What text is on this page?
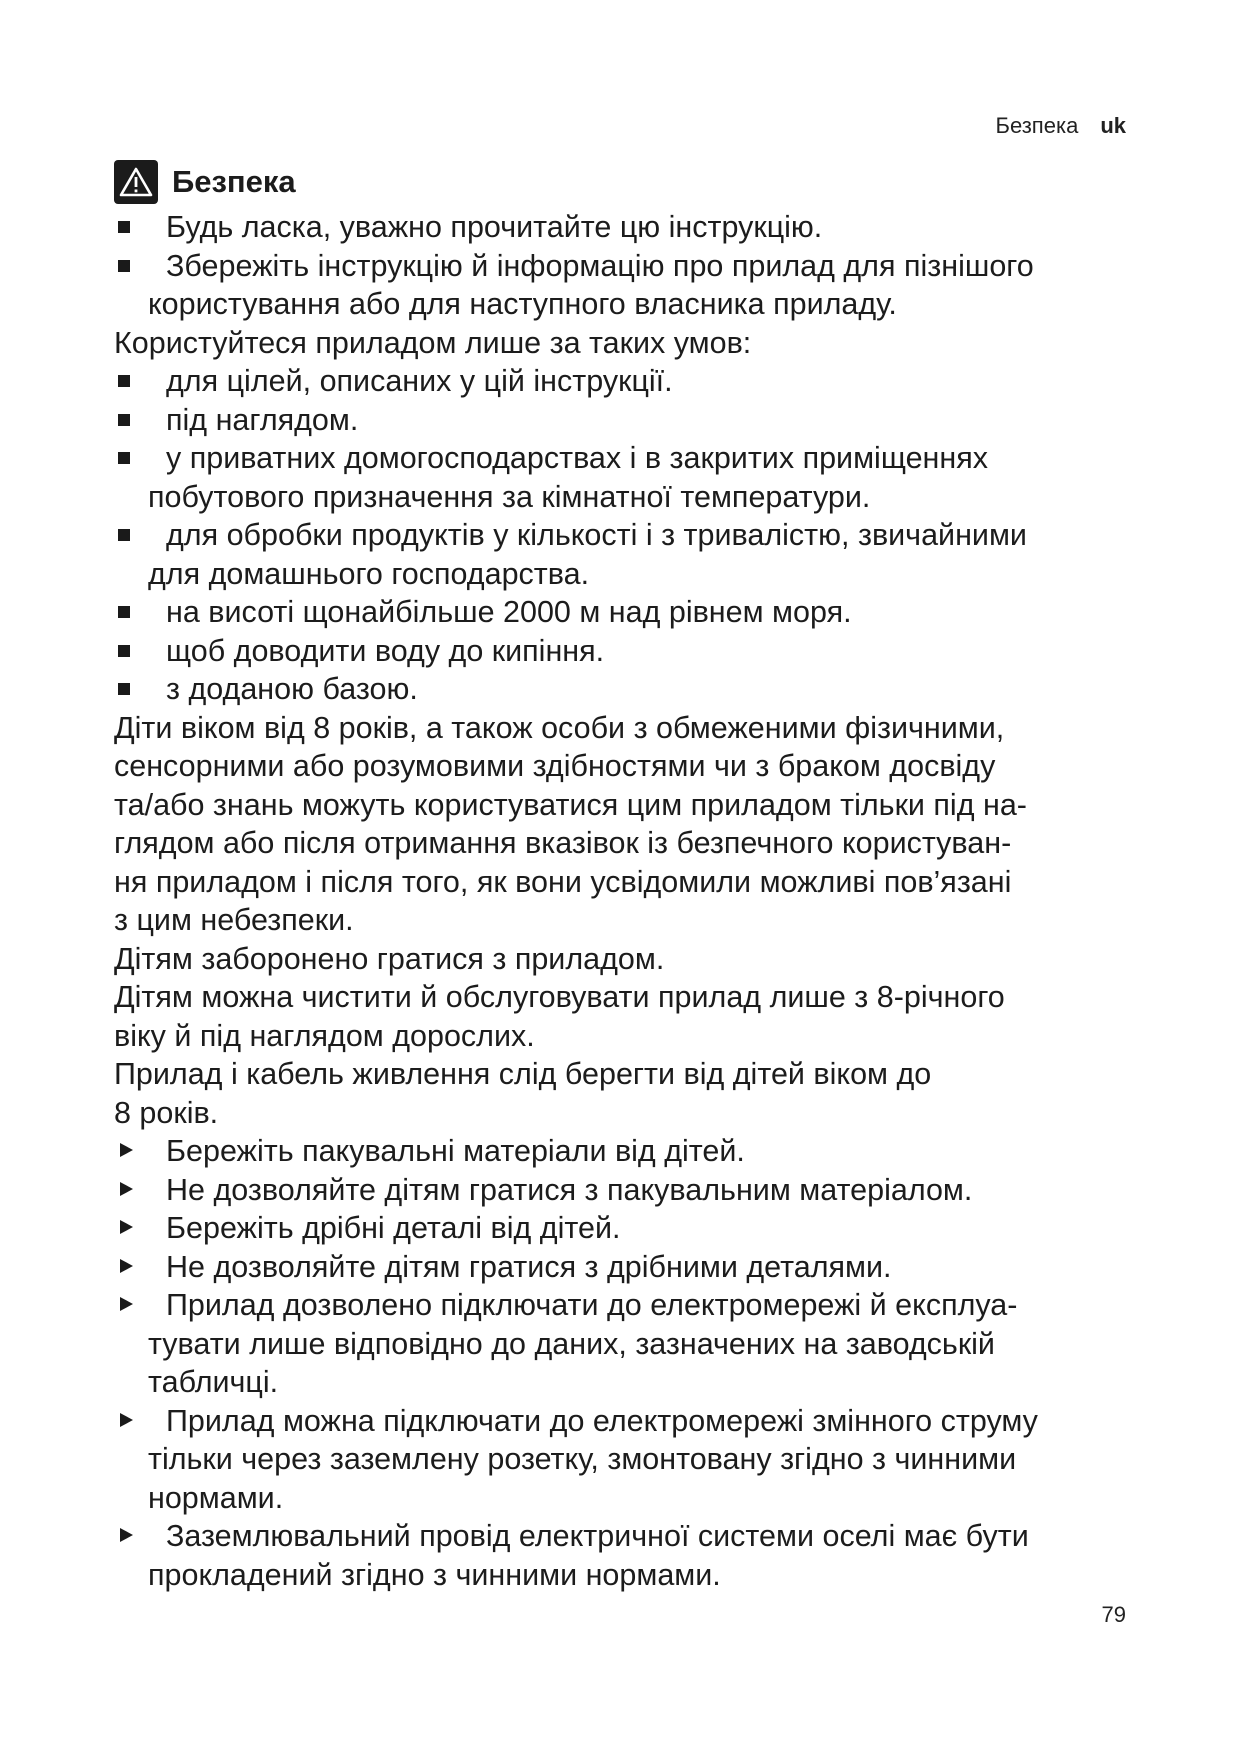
Безпека uk
Безпека
Будь ласка, уважно прочитайте цю інструкцію.
Збережіть інструкцію й інформацію про прилад для пізнішого
користування або для наступного власника приладу.

Користуйтеся приладом лише за таких умов:

для цілей, описаних у цій інструкції.
під наглядом.
у приватних домогосподарствах і в закритих приміщеннях
побутового призначення за кімнатної температури.
для обробки продуктів у кількості і з тривалістю, звичайними
для домашнього господарства.
на висоті щонайбільше 2000 м над рівнем моря.
щоб доводити воду до кипіння.
з доданою базою.
Діти віком від 8 років, а також особи з обмеженими фізичними,
сенсорними або розумовими здібностями чи з браком досвіду
та/або знань можуть користуватися цим приладом тільки під на-
глядом або після отримання вказівок із безпечного користуван-
ня приладом і після того, як вони усвідомили можливі пов’язані
з цим небезпеки.

Дітям заборонено гратися з приладом.

Дітям можна чистити й обслуговувати прилад лише з 8-річного
віку й під наглядом дорослих.
Прилад і кабель живлення слід берегти від дітей віком до
8 років.
Бережіть пакувальні матеріали від дітей.
Не дозволяйте дітям гратися з пакувальним матеріалом.
Бережіть дрібні деталі від дітей.
Не дозволяйте дітям гратися з дрібними деталями.
Прилад дозволено підключати до електромережі й експлуа-
тувати лише відповідно до даних, зазначених на заводській
табличці.
Прилад можна підключати до електромережі змінного струму
тільки через заземлену розетку, змонтовану згідно з чинними
нормами.
Заземлювальний провід електричної системи оселі має бути
прокладений згідно з чинними нормами.
79
